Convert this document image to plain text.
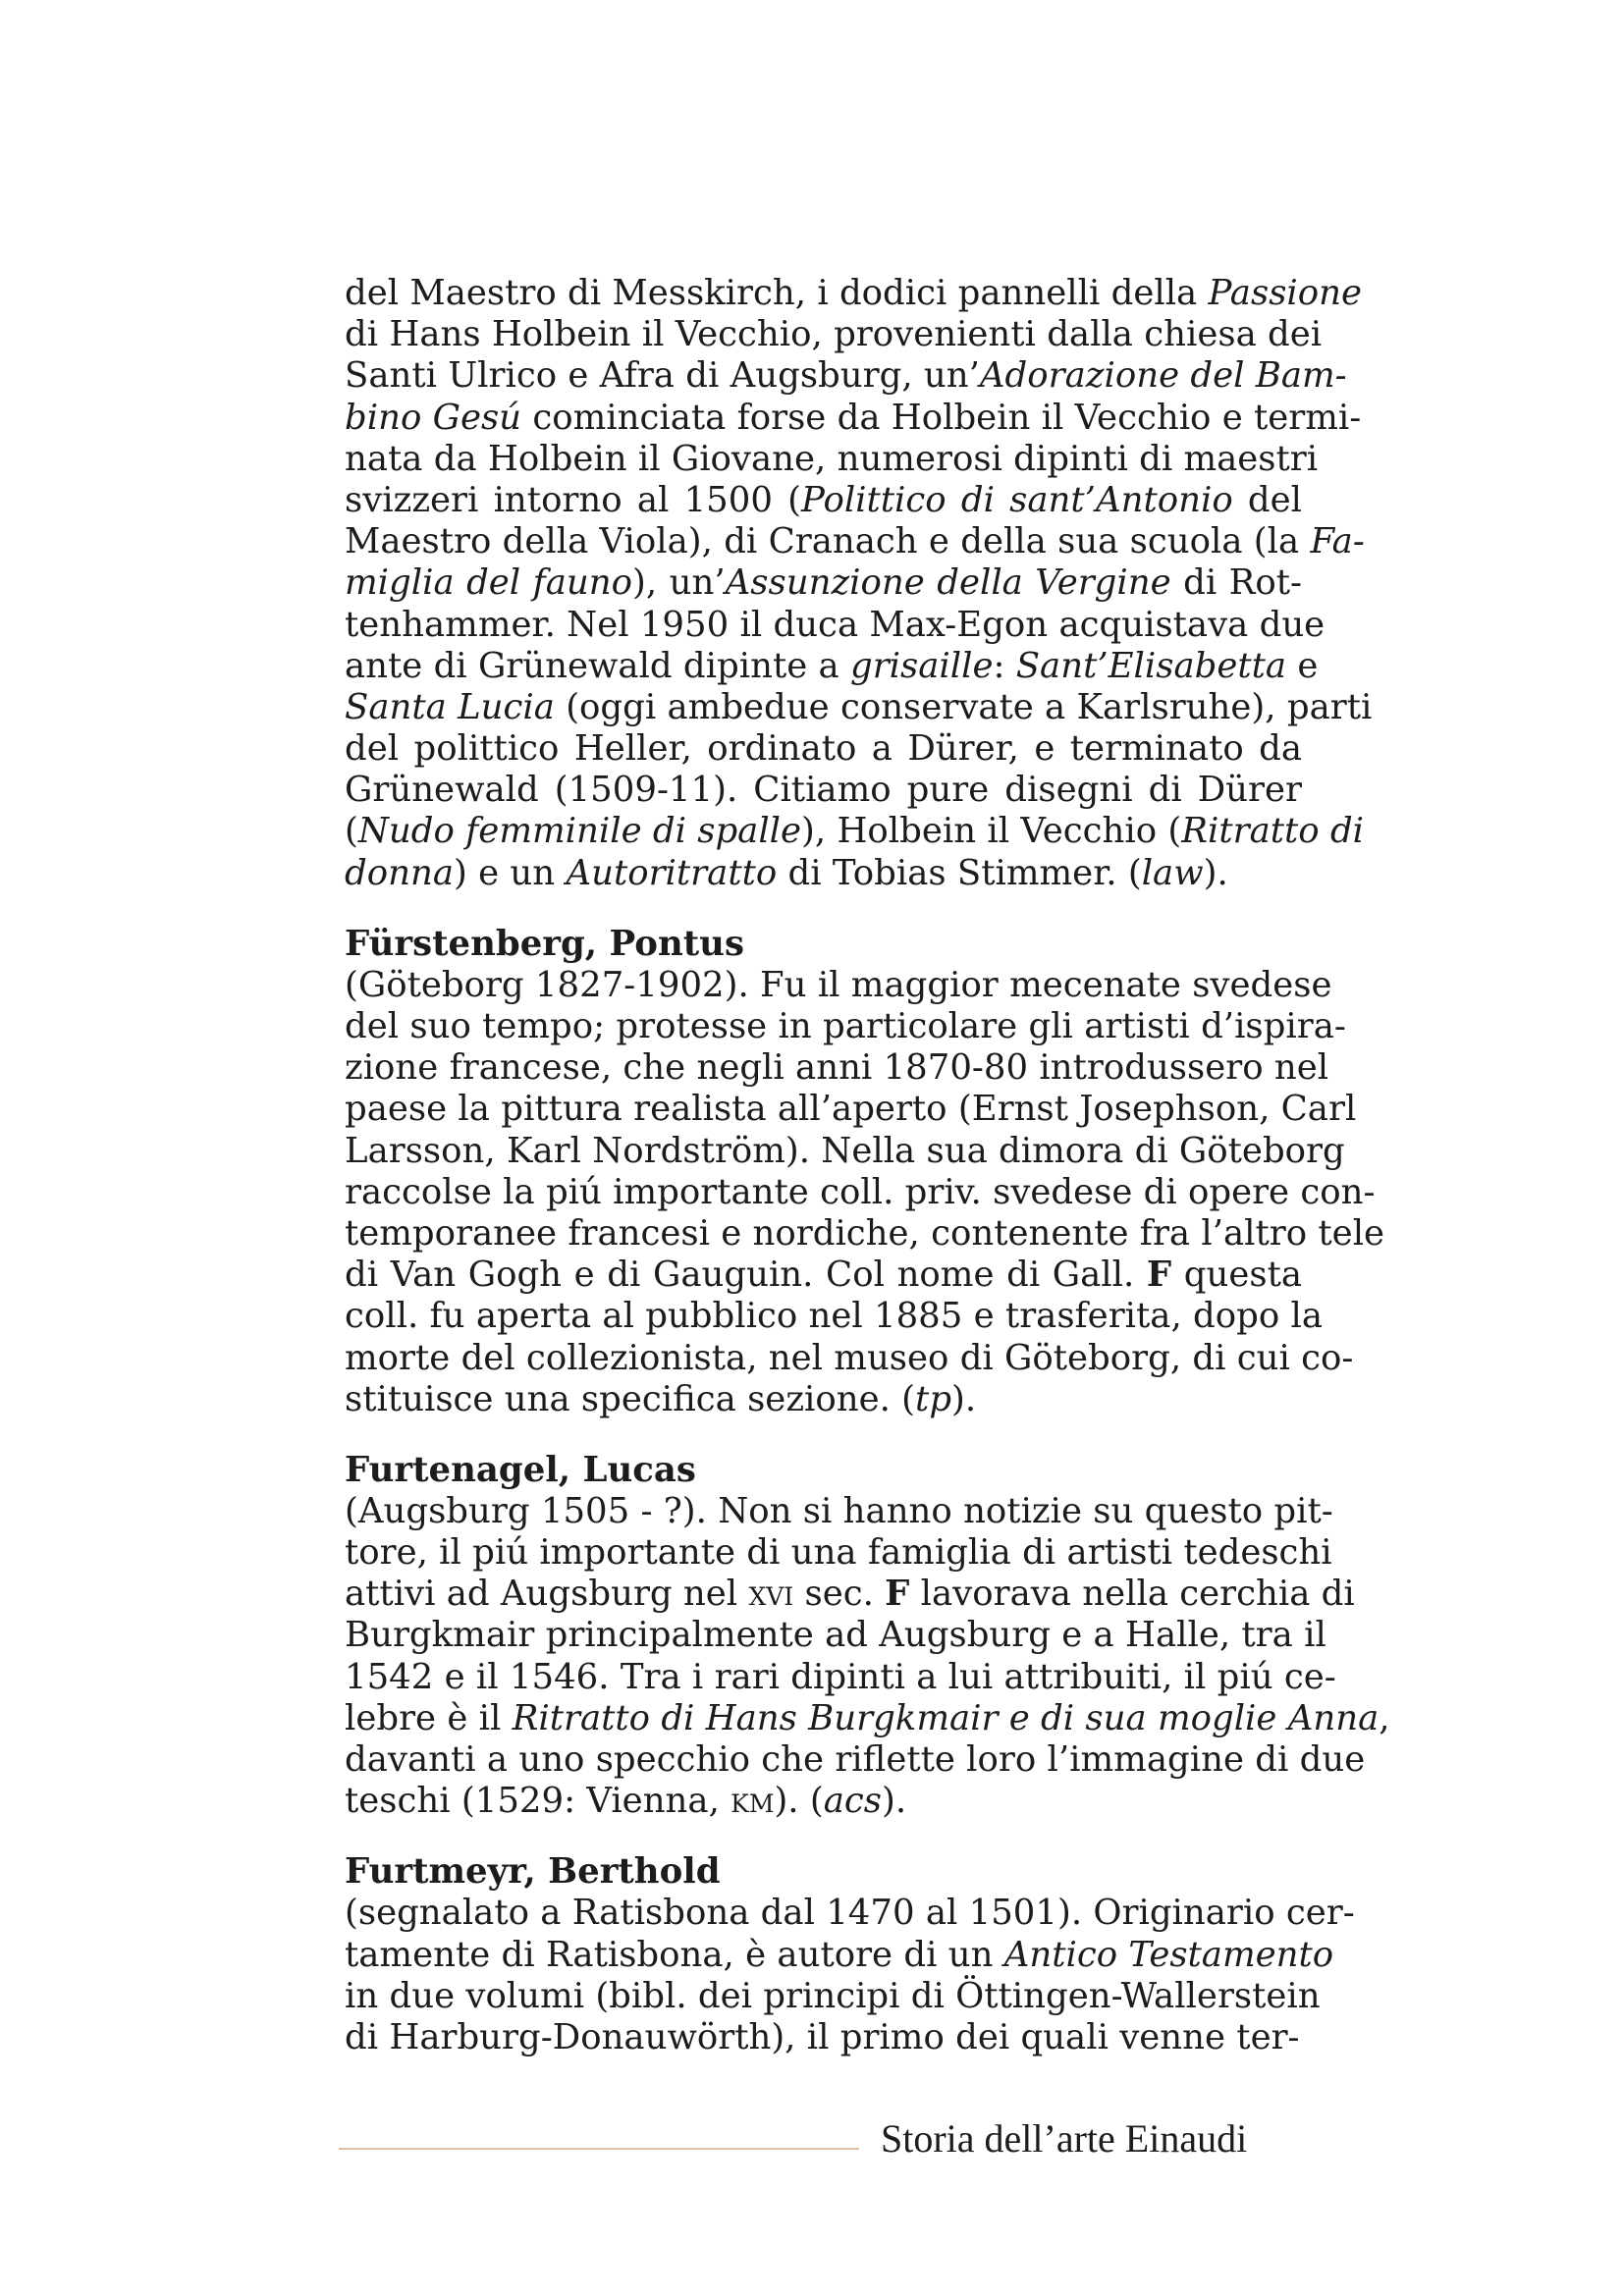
del Maestro di Messkirch, i dodici pannelli della Passione
di Hans Holbein il Vecchio, provenienti dalla chiesa dei
Santi Ulrico e Afra di Augsburg, un’Adorazione del Bam-
bino Gesú cominciata forse da Holbein il Vecchio e termi-
nata da Holbein il Giovane, numerosi dipinti di maestri
svizzeri intorno al 1500 (Polittico di sant’Antonio del
Maestro della Viola), di Cranach e della sua scuola (la Fa-
miglia del fauno), un’Assunzione della Vergine di Rot-
tenhammer. Nel 1950 il duca Max-Egon acquistava due
ante di Grünewald dipinte a grisaille: Sant’Elisabetta e
Santa Lucia (oggi ambedue conservate a Karlsruhe), parti
del polittico Heller, ordinato a Dürer, e terminato da
Grünewald (1509-11). Citiamo pure disegni di Dürer
(Nudo femminile di spalle), Holbein il Vecchio (Ritratto di
donna) e un Autoritratto di Tobias Stimmer. (law).
Fürstenberg, Pontus
(Göteborg 1827-1902). Fu il maggior mecenate svedese
del suo tempo; protesse in particolare gli artisti d’ispira-
zione francese, che negli anni 1870-80 introdussero nel
paese la pittura realista all’aperto (Ernst Josephson, Carl
Larsson, Karl Nordström). Nella sua dimora di Göteborg
raccolse la piú importante coll. priv. svedese di opere con-
temporanee francesi e nordiche, contenente fra l’altro tele
di Van Gogh e di Gauguin. Col nome di Gall. F questa
coll. fu aperta al pubblico nel 1885 e trasferita, dopo la
morte del collezionista, nel museo di Göteborg, di cui co-
stituisce una specifica sezione. (tp).
Furtenagel, Lucas
(Augsburg 1505 - ?). Non si hanno notizie su questo pit-
tore, il piú importante di una famiglia di artisti tedeschi
attivi ad Augsburg nel xvi sec. F lavorava nella cerchia di
Burgkmair principalmente ad Augsburg e a Halle, tra il
1542 e il 1546. Tra i rari dipinti a lui attribuiti, il piú ce-
lebre è il Ritratto di Hans Burgkmair e di sua moglie Anna,
davanti a uno specchio che riflette loro l’immagine di due
teschi (1529: Vienna, km). (acs).
Furtmeyr, Berthold
(segnalato a Ratisbona dal 1470 al 1501). Originario cer-
tamente di Ratisbona, è autore di un Antico Testamento
in due volumi (bibl. dei principi di Öttingen-Wallerstein
di Harburg-Donauwörth), il primo dei quali venne ter-
Storia dell’arte Einaudi
